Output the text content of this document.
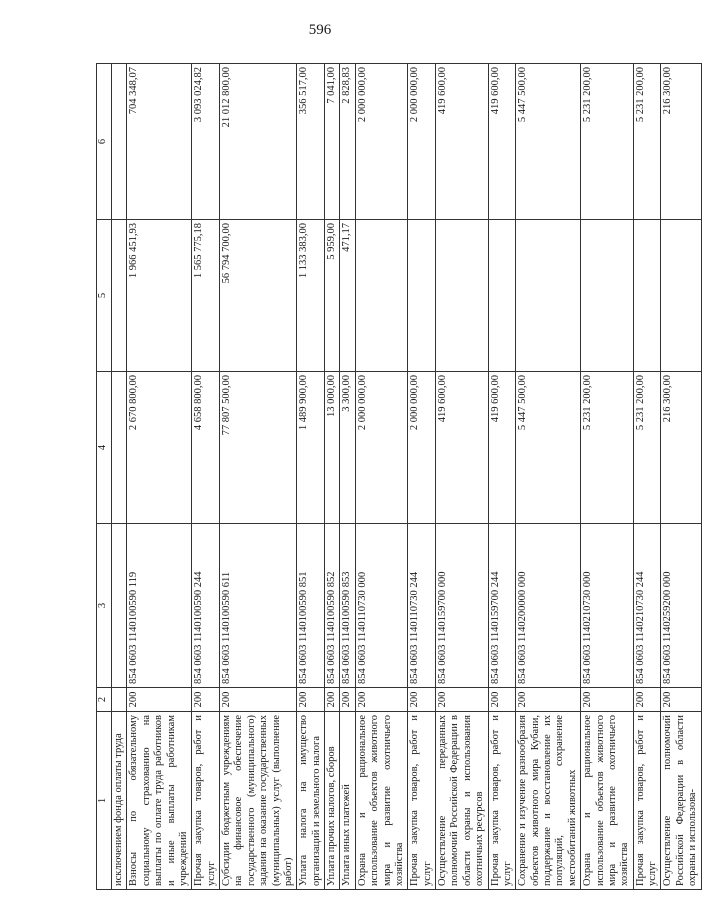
596
1	2	3	4	5	6
исключением фонда оплаты труда					
Взносы по обязательному социальному страхованию на выплаты по оплате труда работников и иные выплаты работникам учреждений	200	854 0603 1140100590 119	2 670 800,00	1 966 451,93	704 348,07
Прочая закупка товаров, работ и услуг	200	854 0603 1140100590 244	4 658 800,00	1 565 775,18	3 093 024,82
Субсидии бюджетным учреждениям на финансовое обеспечение государственного (муниципального) задания на оказание государственных (муниципальных) услуг (выполнение работ)	200	854 0603 1140100590 611	77 807 500,00	56 794 700,00	21 012 800,00
Уплата налога на имущество организаций и земельного налога	200	854 0603 1140100590 851	1 489 900,00	1 133 383,00	356 517,00
Уплата прочих налогов, сборов	200	854 0603 1140100590 852	13 000,00	5 959,00	7 041,00
Уплата иных платежей	200	854 0603 1140100590 853	3 300,00	471,17	2 828,83
Охрана и рациональное использование объектов животного мира и развитие охотничьего хозяйства	200	854 0603 1140110730 000	2 000 000,00		2 000 000,00
Прочая закупка товаров, работ и услуг	200	854 0603 1140110730 244	2 000 000,00		2 000 000,00
Осуществление переданных полномочий Российской Федерации в области охраны и использования охотничьих ресурсов	200	854 0603 1140159700 000	419 600,00		419 600,00
Прочая закупка товаров, работ и услуг	200	854 0603 1140159700 244	419 600,00		419 600,00
Сохранение и изучение разнообразия объектов животного мира Кубани, поддержание и восстановление их популяций, сохранение местообитаний животных	200	854 0603 1140200000 000	5 447 500,00		5 447 500,00
Охрана и рациональное использование объектов животного мира и развитие охотничьего хозяйства	200	854 0603 1140210730 000	5 231 200,00		5 231 200,00
Прочая закупка товаров, работ и услуг	200	854 0603 1140210730 244	5 231 200,00		5 231 200,00
Осуществление полномочий Российской Федерации в области охраны и использова-	200	854 0603 1140259200 000	216 300,00		216 300,00
